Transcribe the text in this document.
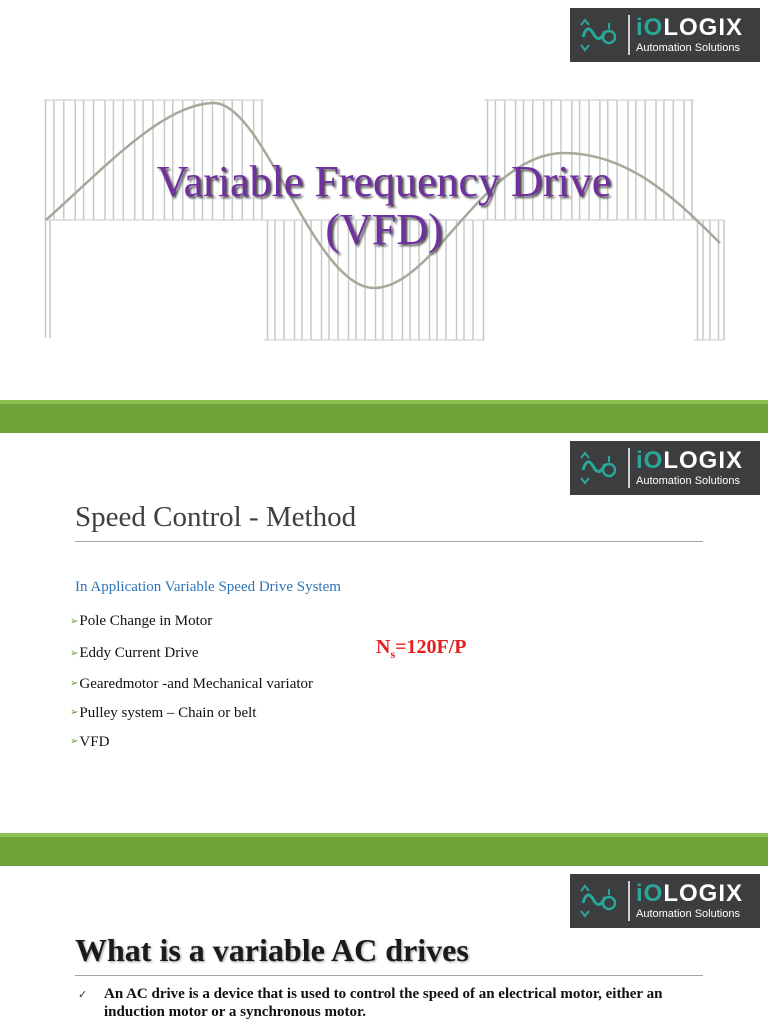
iOLOGIX
Automation Solutions
Variable Frequency Drive
(VFD)
iOLOGIX
Automation Solutions
Speed Control - Method
In Application Variable Speed Drive System
➢ Pole Change in Motor
➢ Eddy Current Drive
➢ Gearedmotor -and Mechanical variator
➢ Pulley system – Chain or belt
➢ VFD
$N_s=120F/P$
iOLOGIX
Automation Solutions
What is a variable AC drives
✓	An AC drive is a device that is used to control the speed of an electrical motor, either an induction motor or a synchronous motor.
